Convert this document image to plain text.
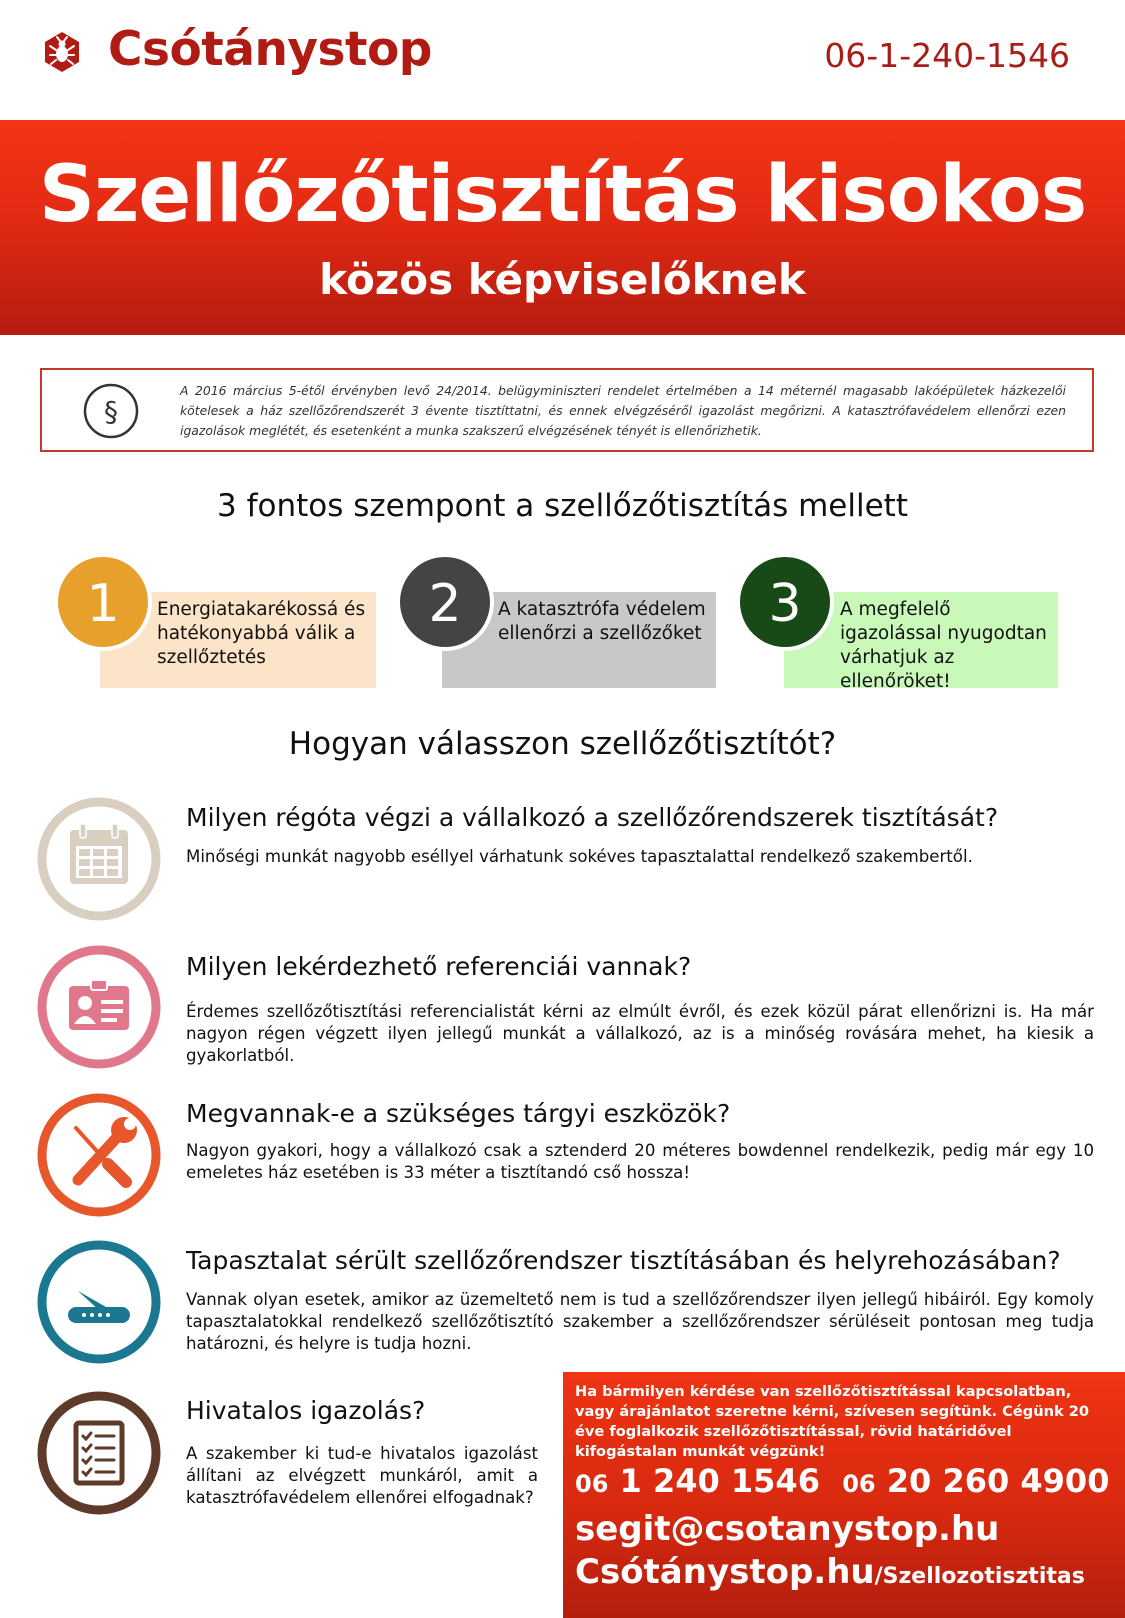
Csótánystop	06-1-240-1546
Szellőzőtisztítás kisokos
közös képviselőknek
§
A 2016 március 5-étől érvényben levő 24/2014. belügyminiszteri rendelet értelmében a 14 méternél magasabb lakóépületek házkezelői kötelesek a ház szellőzőrendszerét 3 évente tisztíttatni, és ennek elvégzéséről igazolást megőrizni. A katasztrófavédelem ellenőrzi ezen igazolások meglétét, és esetenként a munka szakszerű elvégzésének tényét is ellenőrizhetik.
3 fontos szempont a szellőzőtisztítás mellett
1	Energiatakarékossá és hatékonyabbá válik a szellőztetés
2	A katasztrófa védelem ellenőrzi a szellőzőket	3	A megfelelő igazolással nyugodtan várhatjuk az ellenőröket!
Hogyan válasszon szellőzőtisztítót?
Milyen régóta végzi a vállalkozó a szellőzőrendszerek tisztítását?
Minőségi munkát nagyobb eséllyel várhatunk sokéves tapasztalattal rendelkező szakembertől.
Milyen lekérdezhető referenciái vannak?
Érdemes szellőzőtisztítási referencialistát kérni az elmúlt évről, és ezek közül párat ellenőrizni is. Ha már nagyon régen végzett ilyen jellegű munkát a vállalkozó, az is a minőség rovására mehet, ha kiesik a gyakorlatból.
Megvannak-e a szükséges tárgyi eszközök?
Nagyon gyakori, hogy a vállalkozó csak a sztenderd 20 méteres bowdennel rendelkezik, pedig már egy 10 emeletes ház esetében is 33 méter a tisztítandó cső hossza!
Tapasztalat sérült szellőzőrendszer tisztításában és helyrehozásában?
Vannak olyan esetek, amikor az üzemeltető nem is tud a szellőzőrendszer ilyen jellegű hibáiról. Egy komoly tapasztalatokkal rendelkező szellőzőtisztító szakember a szellőzőrendszer sérüléseit pontosan meg tudja határozni, és helyre is tudja hozni.
Hivatalos igazolás?
A szakember ki tud-e hivatalos igazolást állítani az elvégzett munkáról, amit a katasztrófavédelem ellenőrei elfogadnak?
Ha bármilyen kérdése van szellőzőtisztítással kapcsolatban, vagy árajánlatot szeretne kérni, szívesen segítünk. Cégünk 20 éve foglalkozik szellőzőtisztítással, rövid határidővel kifogástalan munkát végzünk!
06 1 240 1546 06 20 260 4900
segit@csotanystop.hu
Csótánystop.hu/Szellozotisztitas
